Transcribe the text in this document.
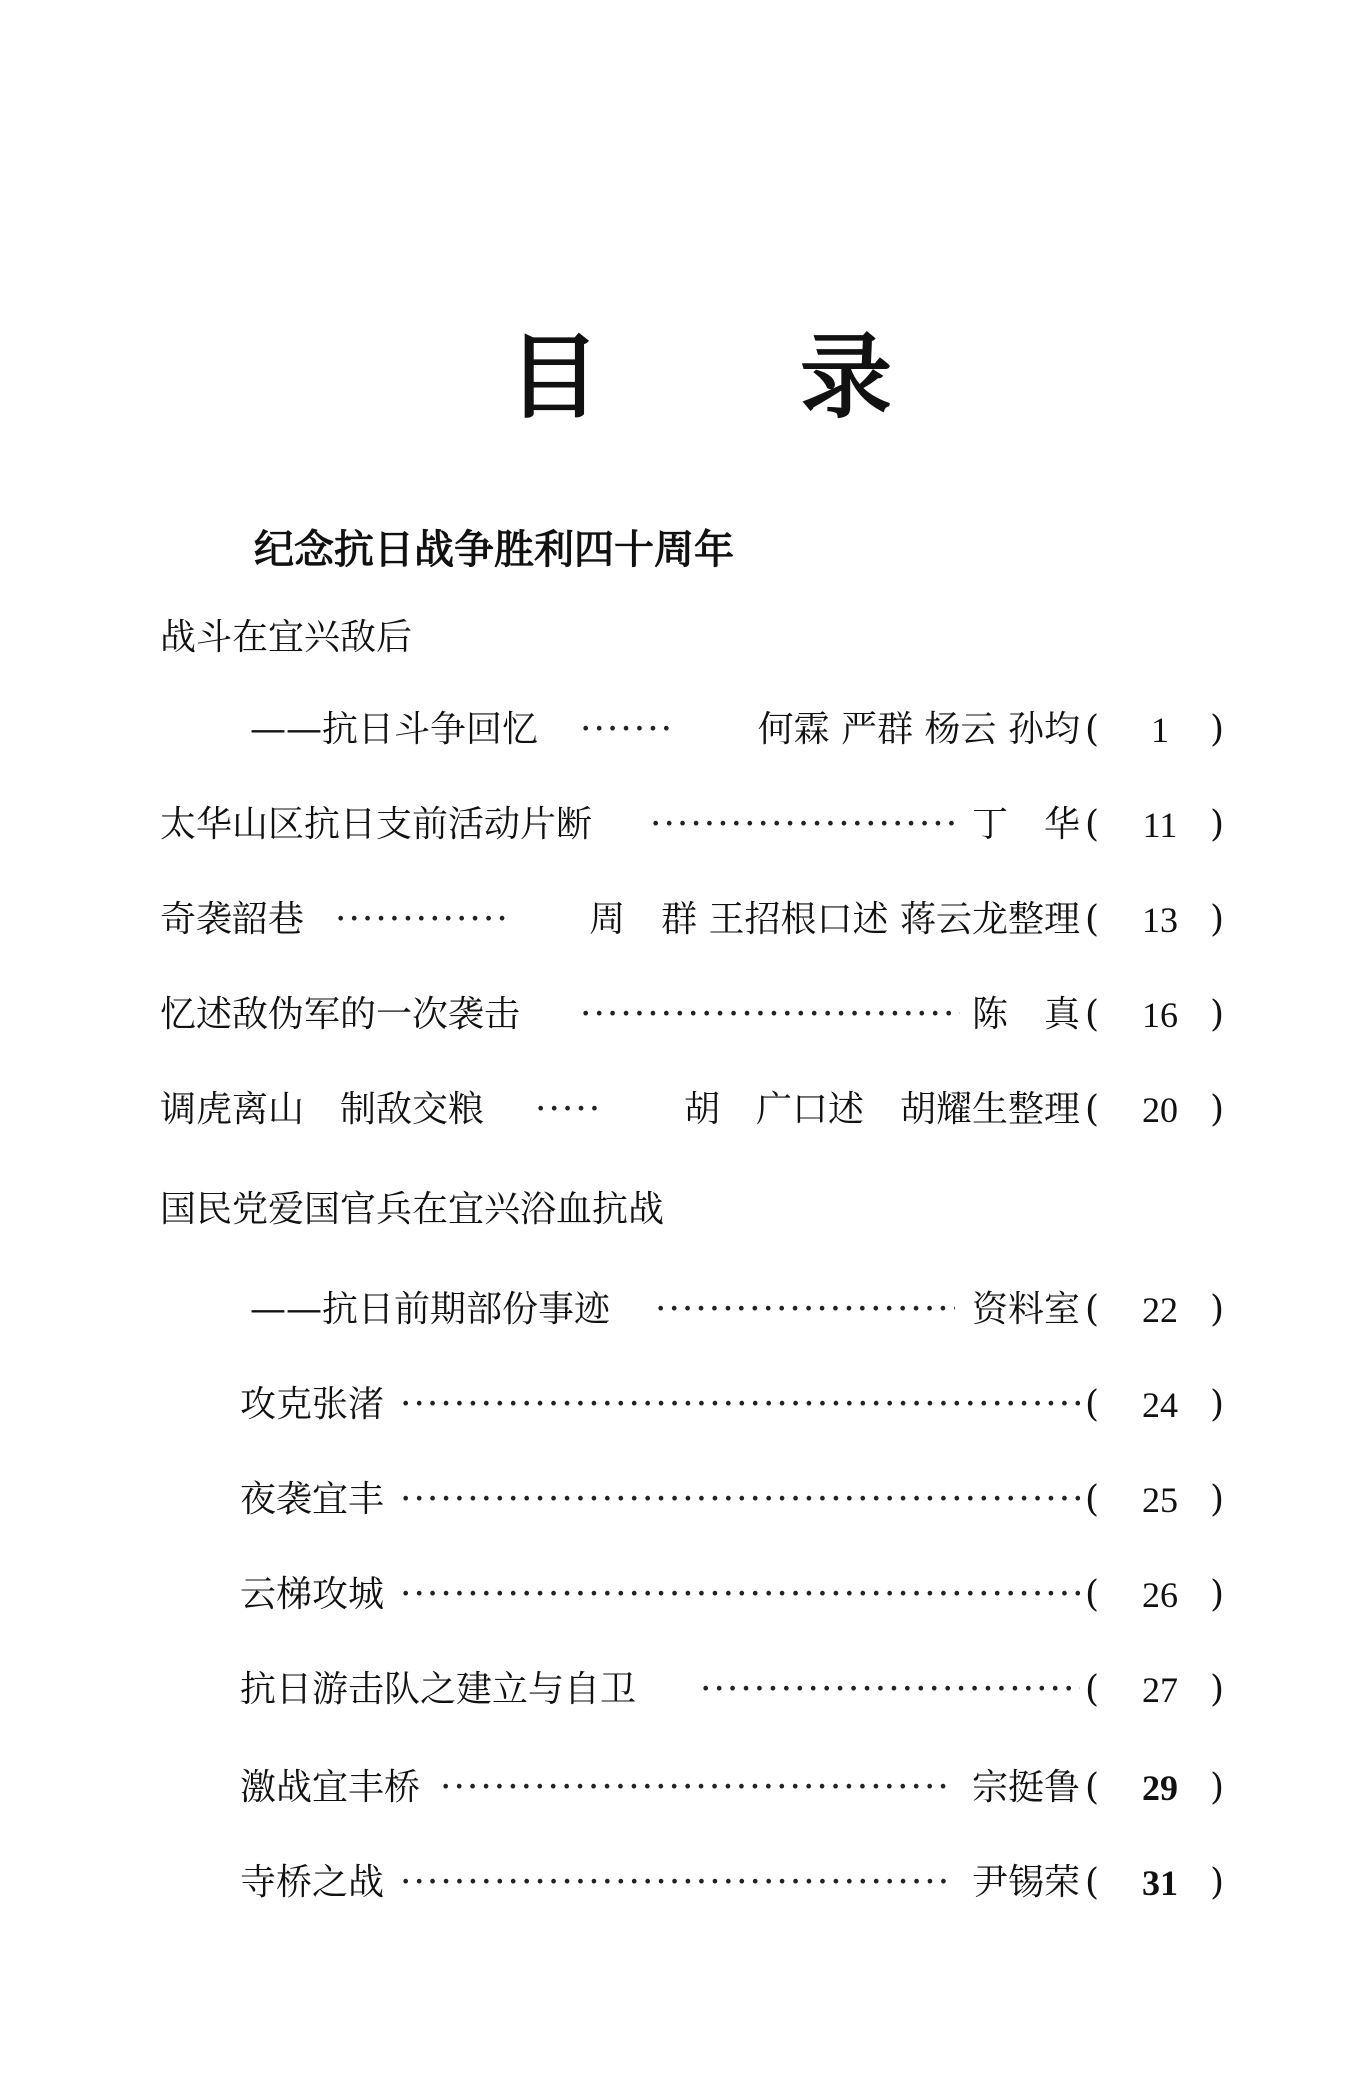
目 录
纪念抗日战争胜利四十周年
战斗在宜兴敌后
——抗日斗争回忆 ·····	何霖 严群 杨云 孙均 (	1	)
太华山区抗日支前活动片断 ·····	丁　华 (	11 )
奇袭韶巷 ·····	周　群 王招根口述 蒋云龙整理 (	13 )
忆述敌伪军的一次袭击 ·····	陈　真 (	16 )
调虎离山　制敌交粮 ·····	胡　广口述　胡耀生整理 (	20 )
国民党爱国官兵在宜兴浴血抗战
——抗日前期部份事迹 ·····	资料室 (	22 )
攻克张渚 ·····	(	24 )
夜袭宜丰 ·····	(	25 )
云梯攻城 ·····	(	26 )
抗日游击队之建立与自卫 ·····	(	27 )
激战宜丰桥 ·····	宗挺鲁 (	29 )
寺桥之战 ·····	尹锡荣 (	31 )
